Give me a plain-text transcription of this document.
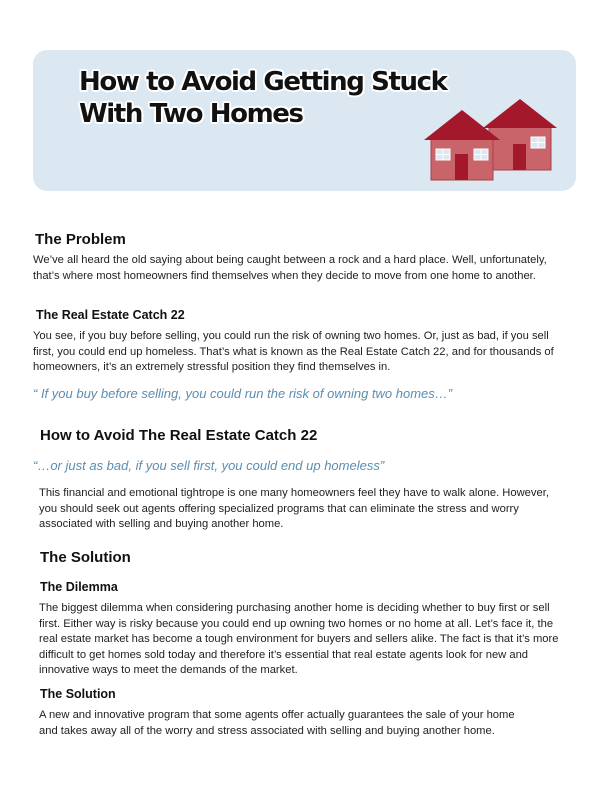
How to Avoid Getting Stuck With Two Homes
The Problem

We’ve all heard the old saying about being caught between a rock and a hard place. Well, unfortunately, that’s where most homeowners find themselves when they decide to move from one home to another.

The Real Estate Catch 22

You see, if you buy before selling, you could run the risk of owning two homes. Or, just as bad, if you sell first, you could end up homeless. That’s what is known as the Real Estate Catch 22, and for thousands of homeowners, it’s an extremely stressful position they find themselves in.

“ If you buy before selling, you could run the risk of owning two homes…”

How to Avoid The Real Estate Catch 22

“…or just as bad, if you sell first, you could end up homeless”

This financial and emotional tightrope is one many homeowners feel they have to walk alone. However, you should seek out agents offering specialized programs that can eliminate the stress and worry associated with selling and buying another home.

The Solution
The Dilemma

The biggest dilemma when considering purchasing another home is deciding whether to buy first or sell first. Either way is risky because you could end up owning two homes or no home at all. Let’s face it, the real estate market has become a tough environment for buyers and sellers alike. The fact is that it’s more difficult to get homes sold today and therefore it’s essential that real estate agents look for new and innovative ways to meet the demands of the market.

The Solution

A new and innovative program that some agents offer actually guarantees the sale of your home and takes away all of the worry and stress associated with selling and buying another home.
